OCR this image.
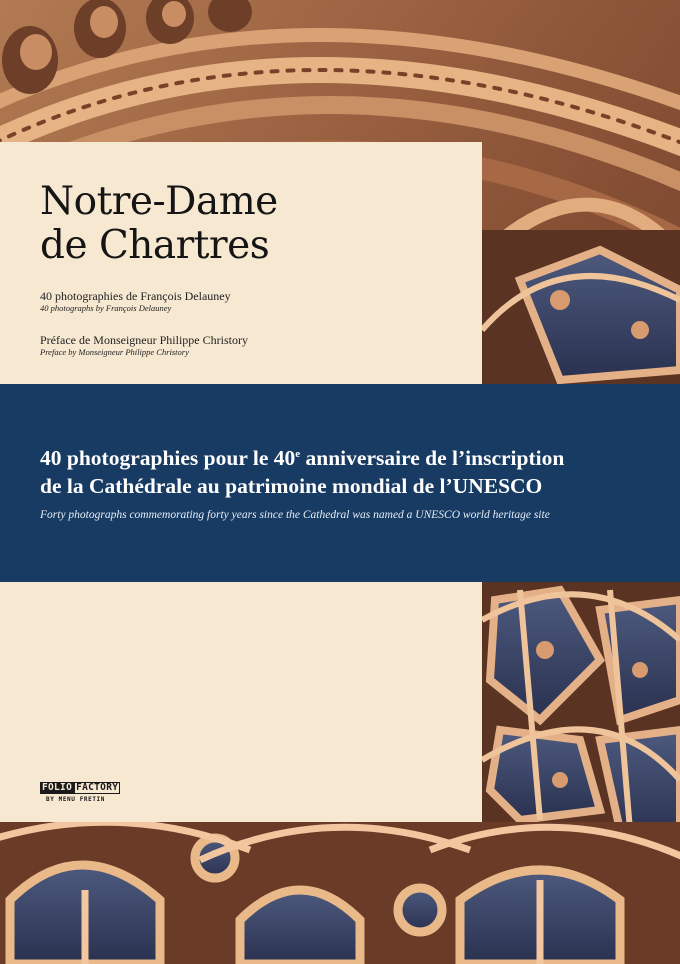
Notre-Dame
de Chartres
40 photographies de François Delauney
40 photographs by François Delauney
Préface de Monseigneur Philippe Christory
Preface by Monseigneur Philippe Christory
40 photographies pour le 40e anniversaire de l’inscription
de la Cathédrale au patrimoine mondial de l’UNESCO
Forty photographs commemorating forty years since the Cathedral was named a UNESCO world heritage site
FOLIO FACTORY
BY MENU FRETIN
